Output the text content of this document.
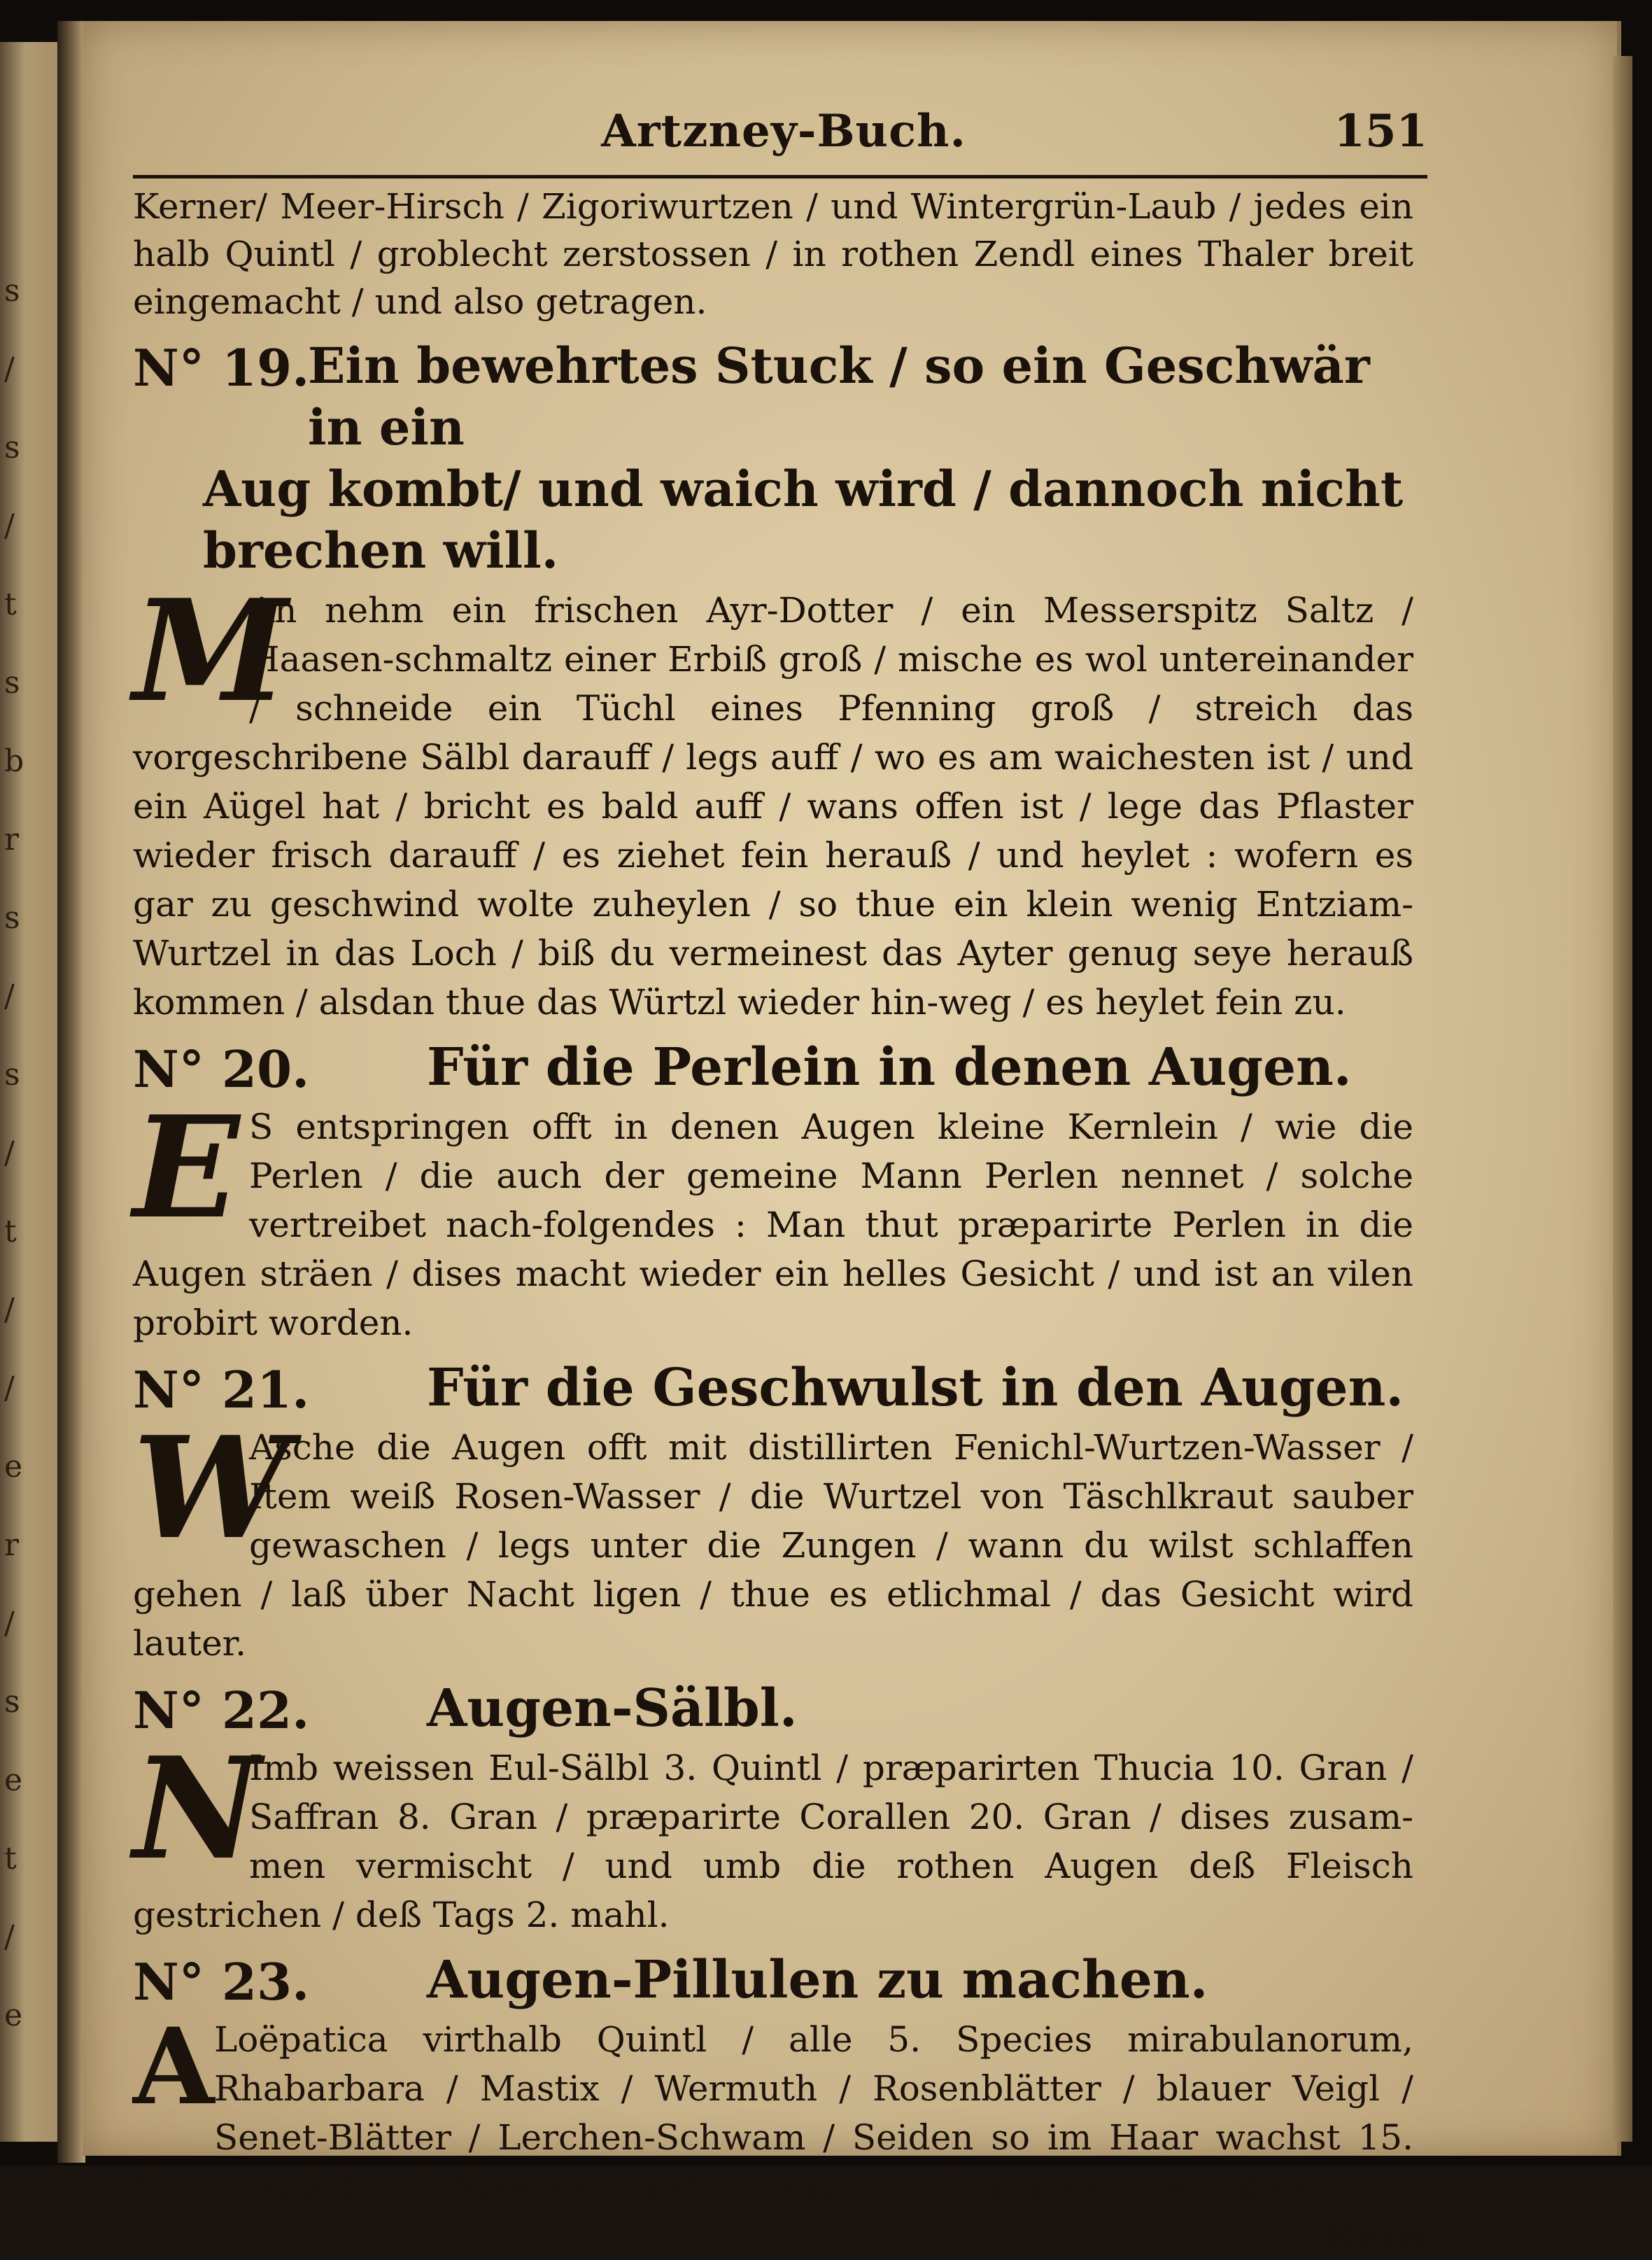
s
/
s
/
t
s
b
r
s
/
s
/
t
/
/
e
r
/
s
e
t
/
e
Artzney-Buch.	151
Kerner/ Meer-Hirsch / Zigoriwurtzen / und Wintergrün-Laub / jedes ein halb Quintl / groblecht zerstossen / in rothen Zendl eines Thaler breit eingemacht / und also getragen.
N° 19.
Ein bewehrtes Stuck / so ein Geschwär in ein
Aug kombt/ und waich wird / dannoch nicht brechen will.
M

An nehm ein frischen Ayr-Dotter / ein Messerspitz Saltz / Haasen-schmaltz einer Erbiß groß / mische es wol untereinander / schneide ein Tüchl eines Pfenning groß / streich das vorgeschribene Sälbl darauff / legs auff / wo es am waichesten ist / und ein Aügel hat / bricht es bald auff / wans offen ist / lege das Pflaster wieder frisch darauff / es ziehet fein herauß / und heylet : wofern es gar zu geschwind wolte zuheylen / so thue ein klein wenig Entziam-Wurtzel in das Loch / biß du vermeinest das Ayter genug seye herauß kommen / alsdan thue das Würtzl wieder hin-weg / es heylet fein zu.

N° 20.	Für die Perlein in denen Augen.
E S entspringen offt in denen Augen kleine Kernlein / wie die Perlen / die auch der gemeine Mann Perlen nennet / solche vertreibet nach-folgendes : Man thut præparirte Perlen in die Augen sträen / dises macht wieder ein helles Gesicht / und ist an vilen probirt worden.

N° 21.	Für die Geschwulst in den Augen.
W

Asche die Augen offt mit distillirten Fenichl-Wurtzen-Wasser / Item weiß Rosen-Wasser / die Wurtzel von Täschlkraut sauber gewaschen / legs unter die Zungen / wann du wilst schlaffen gehen / laß über Nacht ligen / thue es etlichmal / das Gesicht wird lauter.

N° 22.	Augen-Sälbl.
N

Imb weissen Eul-Sälbl 3. Quintl / præparirten Thucia 10. Gran / Saffran 8. Gran / præparirte Corallen 20. Gran / dises zusam-men vermischt / und umb die rothen Augen deß Fleisch gestrichen / deß Tags 2. mahl.

N° 23.	Augen-Pillulen zu machen.
A Loëpatica virthalb Quintl / alle 5. Species mirabulanorum, Rhabarbara / Mastix / Wermuth / Rosenblätter / blauer Veigl / Senet-Blätter / Lerchen-Schwam / Seiden so im Haar wachst 15. Gran / auß den 5. Species mirabulanorum muß man die inwendige

Kern
